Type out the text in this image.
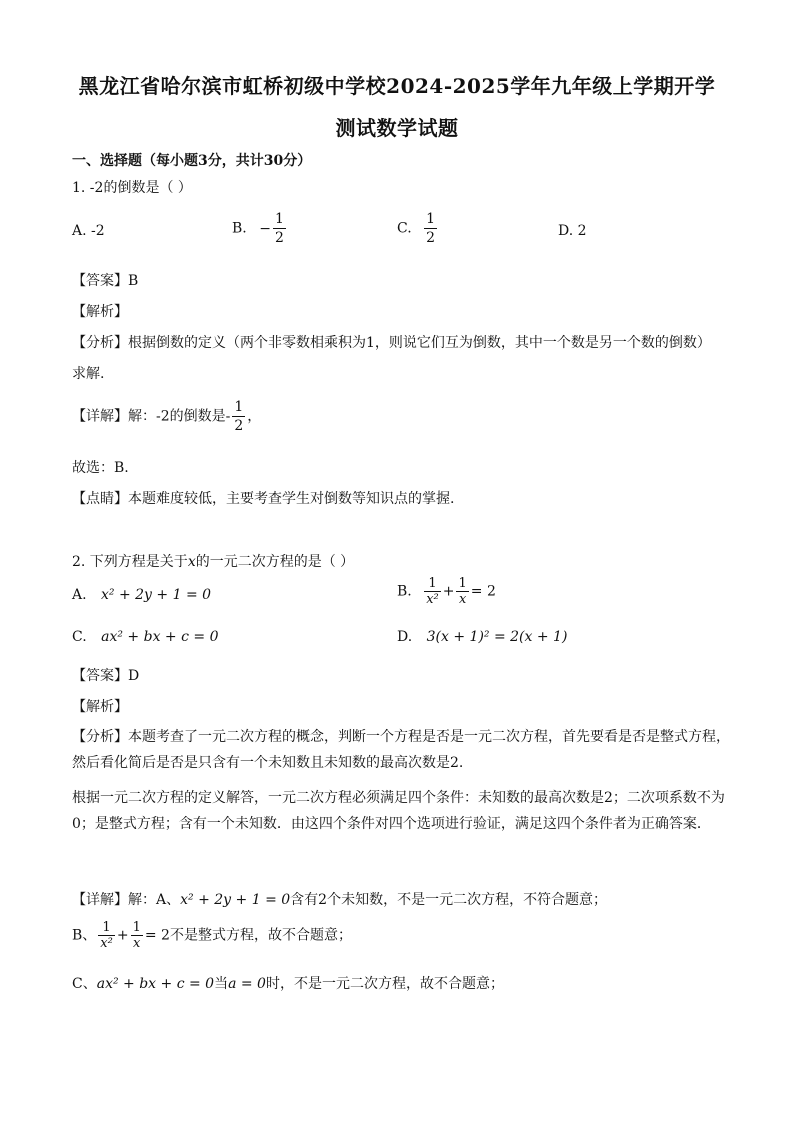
黑龙江省哈尔滨市虹桥初级中学校2024-2025学年九年级上学期开学
测试数学试题
一、选择题（每小题3分，共计30分）
1. -2的倒数是（ ）
A. -2	B. − $\frac{1}{2}$	C. $\frac{1}{2}$	D. 2
【答案】B
【解析】
【分析】根据倒数的定义（两个非零数相乘积为1，则说它们互为倒数，其中一个数是另一个数的倒数）
求解.
【详解】解：-2的倒数是- $\frac{1}{2}$ ，
故选：B.
【点睛】本题难度较低，主要考查学生对倒数等知识点的掌握.
2. 下列方程是关于x的一元二次方程的是（ ）
A. x² + 2y + 1 = 0	B. $\frac{1}{\text{x²}} + \frac{1}{x} = 2$
C. ax² + bx + c = 0	D. 3(x + 1)² = 2(x + 1)
【答案】D
【解析】
【分析】本题考查了一元二次方程的概念，判断一个方程是否是一元二次方程，首先要看是否是整式方程，然后看化简后是否是只含有一个未知数且未知数的最高次数是2.
根据一元二次方程的定义解答，一元二次方程必须满足四个条件：未知数的最高次数是2；二次项系数不为0；是整式方程；含有一个未知数．由这四个条件对四个选项进行验证，满足这四个条件者为正确答案．
【详解】解：A、x² + 2y + 1 = 0含有2个未知数，不是一元二次方程，不符合题意；
B、 $\frac{1}{\text{x²}} + \frac{1}{x} = 2$不是整式方程，故不合题意；
C、ax² + bx + c = 0当a = 0时，不是一元二次方程，故不合题意；
